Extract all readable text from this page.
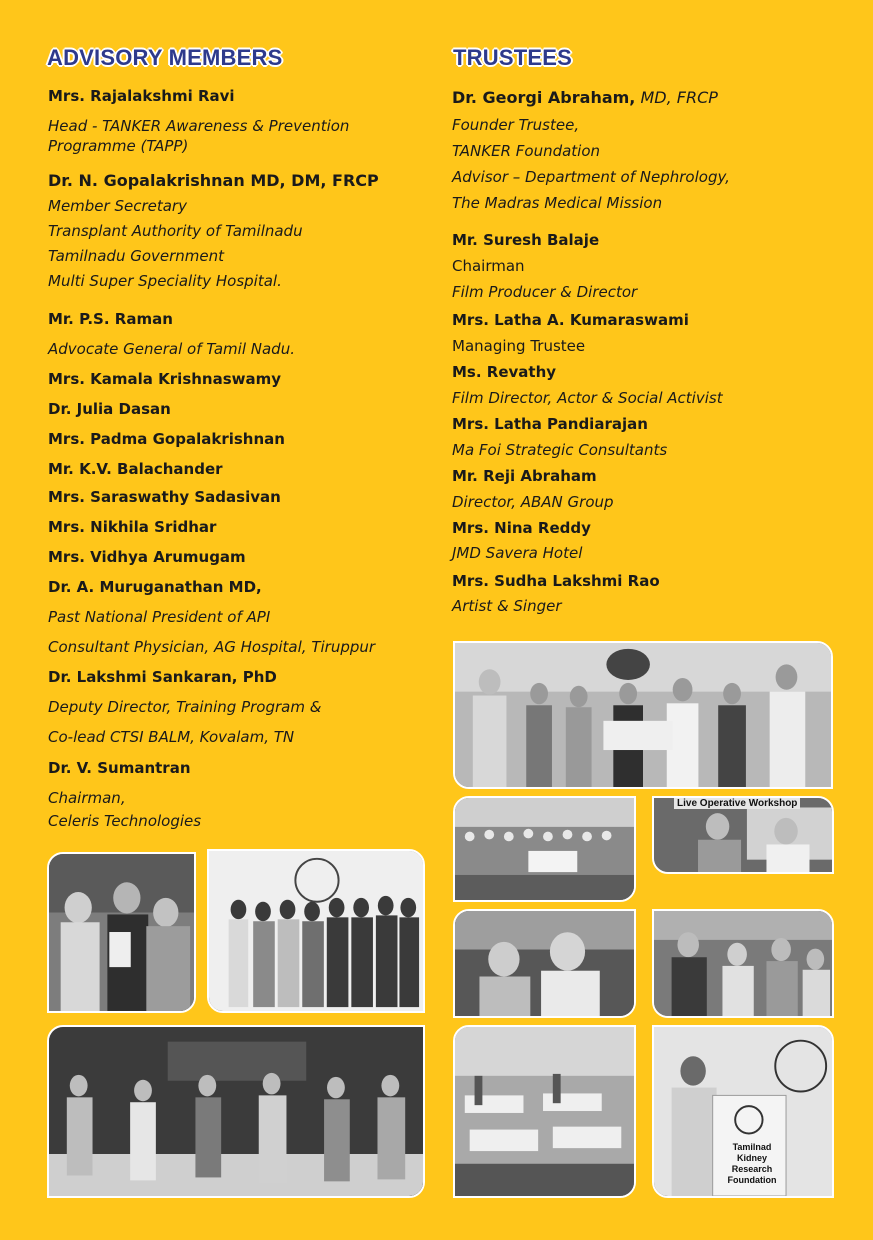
ADVISORY MEMBERS
Mrs. Rajalakshmi Ravi
Head - TANKER Awareness & Prevention
Programme (TAPP)
Dr. N. Gopalakrishnan MD, DM, FRCP
Member Secretary
Transplant Authority of Tamilnadu
Tamilnadu Government
Multi Super Speciality Hospital.
Mr. P.S. Raman
Advocate General of Tamil Nadu.
Mrs. Kamala Krishnaswamy
Dr. Julia Dasan
Mrs. Padma Gopalakrishnan
Mr. K.V. Balachander
Mrs. Saraswathy Sadasivan
Mrs. Nikhila Sridhar
Mrs. Vidhya Arumugam
Dr. A. Muruganathan MD,
Past National President of API
Consultant Physician, AG Hospital, Tiruppur
Dr. Lakshmi Sankaran, PhD
Deputy Director, Training Program &
Co-lead CTSI BALM, Kovalam, TN
Dr. V. Sumantran
Chairman,
Celeris Technologies
TRUSTEES
Dr. Georgi Abraham, MD, FRCP
Founder Trustee,
TANKER Foundation
Advisor – Department of Nephrology,
The Madras Medical Mission
Mr. Suresh Balaje
Chairman
Film Producer & Director
Mrs. Latha A. Kumaraswami
Managing Trustee
Ms. Revathy
Film Director, Actor & Social Activist
Mrs. Latha Pandiarajan
Ma Foi Strategic Consultants
Mr. Reji Abraham
Director, ABAN Group
Mrs. Nina Reddy
JMD Savera Hotel
Mrs. Sudha Lakshmi Rao
Artist & Singer
Live Operative Workshop
Tamilnad
Kidney
Research
Foundation
